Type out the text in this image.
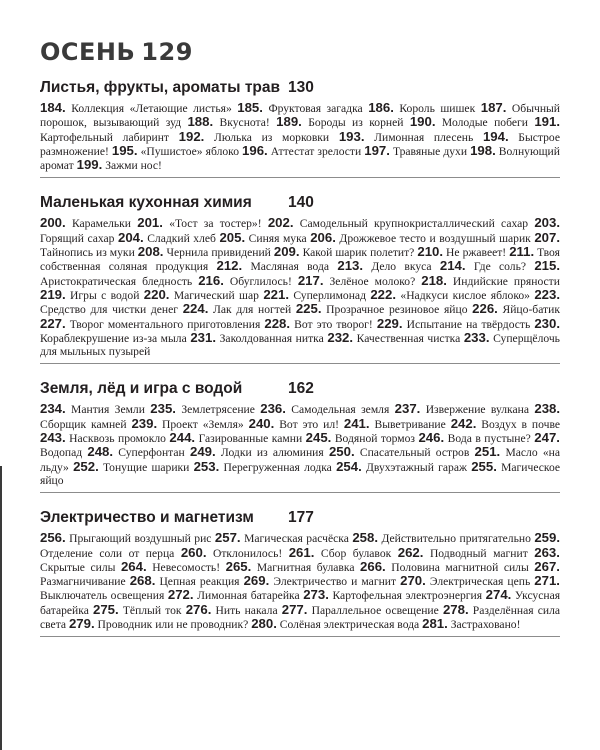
ОСЕНЬ 129
Листья, фрукты, ароматы трав 130
184. Коллекция «Летающие листья» 185. Фруктовая загадка 186. Король шишек 187. Обычный порошок, вызывающий зуд 188. Вкуснота! 189. Бороды из корней 190. Молодые побеги 191. Картофельный лабиринт 192. Люлька из морковки 193. Лимонная плесень 194. Быстрое размножение! 195. «Пушистое» яблоко 196. Аттестат зрелости 197. Травяные духи 198. Волнующий аромат 199. Зажми нос!
Маленькая кухонная химия 140
200. Карамельки 201. «Тост за тостер»! 202. Самодельный крупнокристаллический сахар 203. Горящий сахар 204. Сладкий хлеб 205. Синяя мука 206. Дрожжевое тесто и воздушный шарик 207. Тайнопись из муки 208. Чернила привидений 209. Какой шарик полетит? 210. Не ржавеет! 211. Твоя собственная соляная продукция 212. Масляная вода 213. Дело вкуса 214. Где соль? 215. Аристократическая бледность 216. Обуглилось! 217. Зелёное молоко? 218. Индийские пряности 219. Игры с водой 220. Магический шар 221. Суперлимонад 222. «Надкуси кислое яблоко» 223. Средство для чистки денег 224. Лак для ногтей 225. Прозрачное резиновое яйцо 226. Яйцо-батик 227. Творог моментального приготовления 228. Вот это творог! 229. Испытание на твёрдость 230. Кораблекрушение из-за мыла 231. Заколдованная нитка 232. Качественная чистка 233. Суперщёлочь для мыльных пузырей
Земля, лёд и игра с водой	162
234. Мантия Земли 235. Землетрясение 236. Самодельная земля 237. Извержение вулкана 238. Сборщик камней 239. Проект «Земля» 240. Вот это ил! 241. Выветривание 242. Воздух в почве 243. Насквозь промокло 244. Газированные камни 245. Водяной тормоз 246. Вода в пустыне? 247. Водопад 248. Суперфонтан 249. Лодки из алюминия 250. Спасательный остров 251. Масло «на льду» 252. Тонущие шарики 253. Перегруженная лодка 254. Двухэтажный гараж 255. Магическое яйцо
Электричество и магнетизм 177
256. Прыгающий воздушный рис 257. Магическая расчёска 258. Действительно притягательно 259. Отделение соли от перца 260. Отклонилось! 261. Сбор булавок 262. Подводный магнит 263. Скрытые силы 264. Невесомость! 265. Магнитная булавка 266. Половина магнитной силы 267. Размагничивание 268. Цепная реакция 269. Электричество и магнит 270. Электрическая цепь 271. Выключатель освещения 272. Лимонная батарейка 273. Картофельная электроэнергия 274. Уксусная батарейка 275. Тёплый ток 276. Нить накала 277. Параллельное освещение 278. Разделённая сила света 279. Проводник или не проводник? 280. Солёная электрическая вода 281. Застраховано!
